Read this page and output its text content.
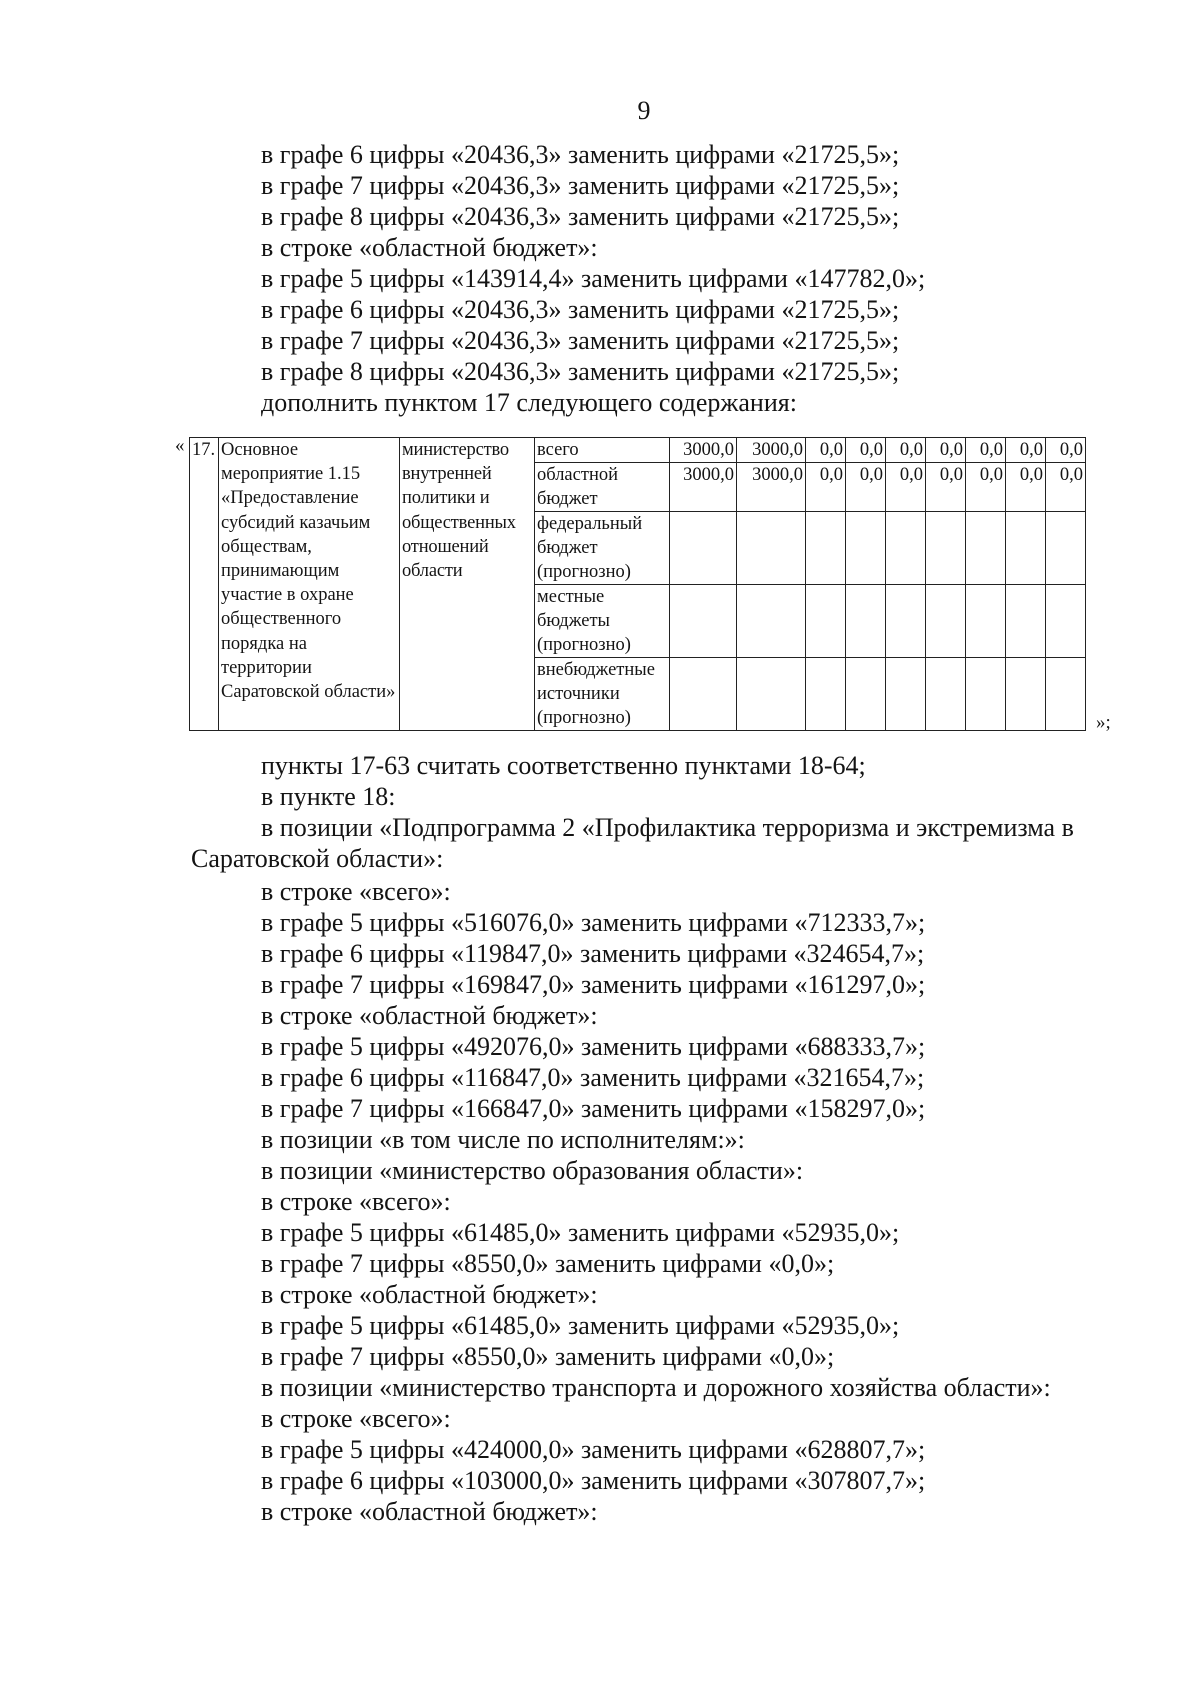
9
в графе 6 цифры «20436,3» заменить цифрами «21725,5»;
в графе 7 цифры «20436,3» заменить цифрами «21725,5»;
в графе 8 цифры «20436,3» заменить цифрами «21725,5»;
в строке «областной бюджет»:
в графе 5 цифры «143914,4» заменить цифрами «147782,0»;
в графе 6 цифры «20436,3» заменить цифрами «21725,5»;
в графе 7 цифры «20436,3» заменить цифрами «21725,5»;
в графе 8 цифры «20436,3» заменить цифрами «21725,5»;
дополнить пунктом 17 следующего содержания:
« 17.	Основное мероприятие 1.15 «Предоставление субсидий казачьим обществам, принимающим участие в охране общественного порядка на территории Саратовской области»	министерство внутренней политики и общественных отношений области	всего	3000,0	3000,0	0,0	0,0	0,0	0,0	0,0	0,0	0,0
			областной бюджет	3000,0	3000,0	0,0	0,0	0,0	0,0	0,0	0,0	0,0
			федеральный бюджет (прогнозно)									
			местные бюджеты (прогнозно)									
			внебюджетные источники (прогнозно)										»;
пункты 17-63 считать соответственно пунктами 18-64;
в пункте 18:
в позиции «Подпрограмма 2 «Профилактика терроризма и экстремизма в Саратовской области»:
в строке «всего»:
в графе 5 цифры «516076,0» заменить цифрами «712333,7»;
в графе 6 цифры «119847,0» заменить цифрами «324654,7»;
в графе 7 цифры «169847,0» заменить цифрами «161297,0»;
в строке «областной бюджет»:
в графе 5 цифры «492076,0» заменить цифрами «688333,7»;
в графе 6 цифры «116847,0» заменить цифрами «321654,7»;
в графе 7 цифры «166847,0» заменить цифрами «158297,0»;
в позиции «в том числе по исполнителям:»:
в позиции «министерство образования области»:
в строке «всего»:
в графе 5 цифры «61485,0» заменить цифрами «52935,0»;
в графе 7 цифры «8550,0» заменить цифрами «0,0»;
в строке «областной бюджет»:
в графе 5 цифры «61485,0» заменить цифрами «52935,0»;
в графе 7 цифры «8550,0» заменить цифрами «0,0»;
в позиции «министерство транспорта и дорожного хозяйства области»:
в строке «всего»:
в графе 5 цифры «424000,0» заменить цифрами «628807,7»;
в графе 6 цифры «103000,0» заменить цифрами «307807,7»;
в строке «областной бюджет»:
